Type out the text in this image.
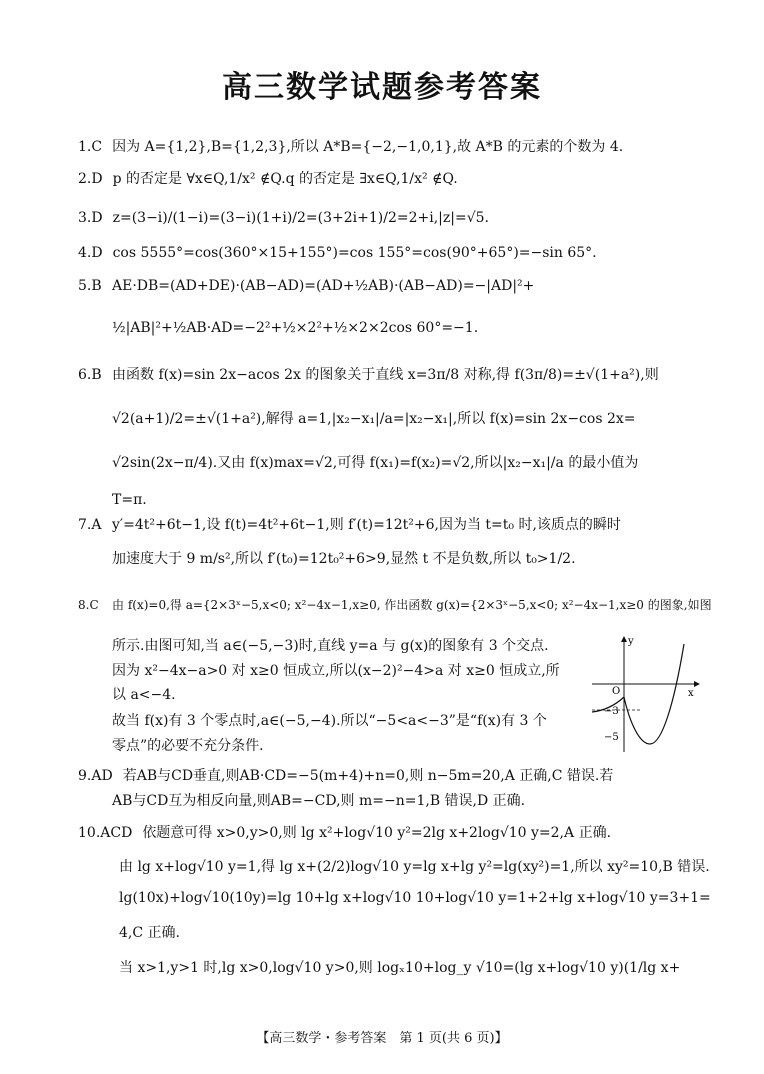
高三数学试题参考答案
1.C 因为 A={1,2},B={1,2,3},所以 A*B={−2,−1,0,1},故 A*B 的元素的个数为 4.
2.D p 的否定是 ∀x∈Q,1/x² ∉Q.q 的否定是 ∃x∈Q,1/x² ∉Q.
3.D z=(3−i)/(1−i)=(3−i)(1+i)/2=(3+2i+1)/2=2+i,|z|=√5.
4.D cos 5555°=cos(360°×15+155°)=cos 155°=cos(90°+65°)=−sin 65°.
5.B AE·DB=(AD+DE)·(AB−AD)=(AD+½AB)·(AB−AD)=−|AD|²+
½|AB|²+½AB·AD=−2²+½×2²+½×2×2cos 60°=−1.
6.B 由函数 f(x)=sin 2x−acos 2x 的图象关于直线 x=3π/8 对称,得 f(3π/8)=±√(1+a²),则
√2(a+1)/2=±√(1+a²),解得 a=1,|x₂−x₁|/a=|x₂−x₁|,所以 f(x)=sin 2x−cos 2x=
√2sin(2x−π/4).又由 f(x)max=√2,可得 f(x₁)=f(x₂)=√2,所以|x₂−x₁|/a 的最小值为
T=π.
7.A y′=4t²+6t−1,设 f(t)=4t²+6t−1,则 f′(t)=12t²+6,因为当 t=t₀ 时,该质点的瞬时
加速度大于 9 m/s²,所以 f′(t₀)=12t₀²+6>9,显然 t 不是负数,所以 t₀>1/2.
8.C 由 f(x)=0,得 a={2×3ˣ−5,x<0; x²−4x−1,x≥0, 作出函数 g(x)={2×3ˣ−5,x<0; x²−4x−1,x≥0 的图象,如图
所示.由图可知,当 a∈(−5,−3)时,直线 y=a 与 g(x)的图象有 3 个交点.
因为 x²−4x−a>0 对 x≥0 恒成立,所以(x−2)²−4>a 对 x≥0 恒成立,所
以 a<−4.
故当 f(x)有 3 个零点时,a∈(−5,−4).所以“−5<a<−3”是“f(x)有 3 个
零点”的必要不充分条件.
9.AD 若AB与CD垂直,则AB·CD=−5(m+4)+n=0,则 n−5m=20,A 正确,C 错误.若
AB与CD互为相反向量,则AB=−CD,则 m=−n=1,B 错误,D 正确.
10.ACD 依题意可得 x>0,y>0,则 lg x²+log√10 y²=2lg x+2log√10 y=2,A 正确.
由 lg x+log√10 y=1,得 lg x+(2/2)log√10 y=lg x+lg y²=lg(xy²)=1,所以 xy²=10,B 错误.
lg(10x)+log√10(10y)=lg 10+lg x+log√10 10+log√10 y=1+2+lg x+log√10 y=3+1=
4,C 正确.
当 x>1,y>1 时,lg x>0,log√10 y>0,则 logₓ10+log_y √10=(lg x+log√10 y)(1/lg x+
y
x
O
−3
−5
【高三数学・参考答案　第 1 页(共 6 页)】
